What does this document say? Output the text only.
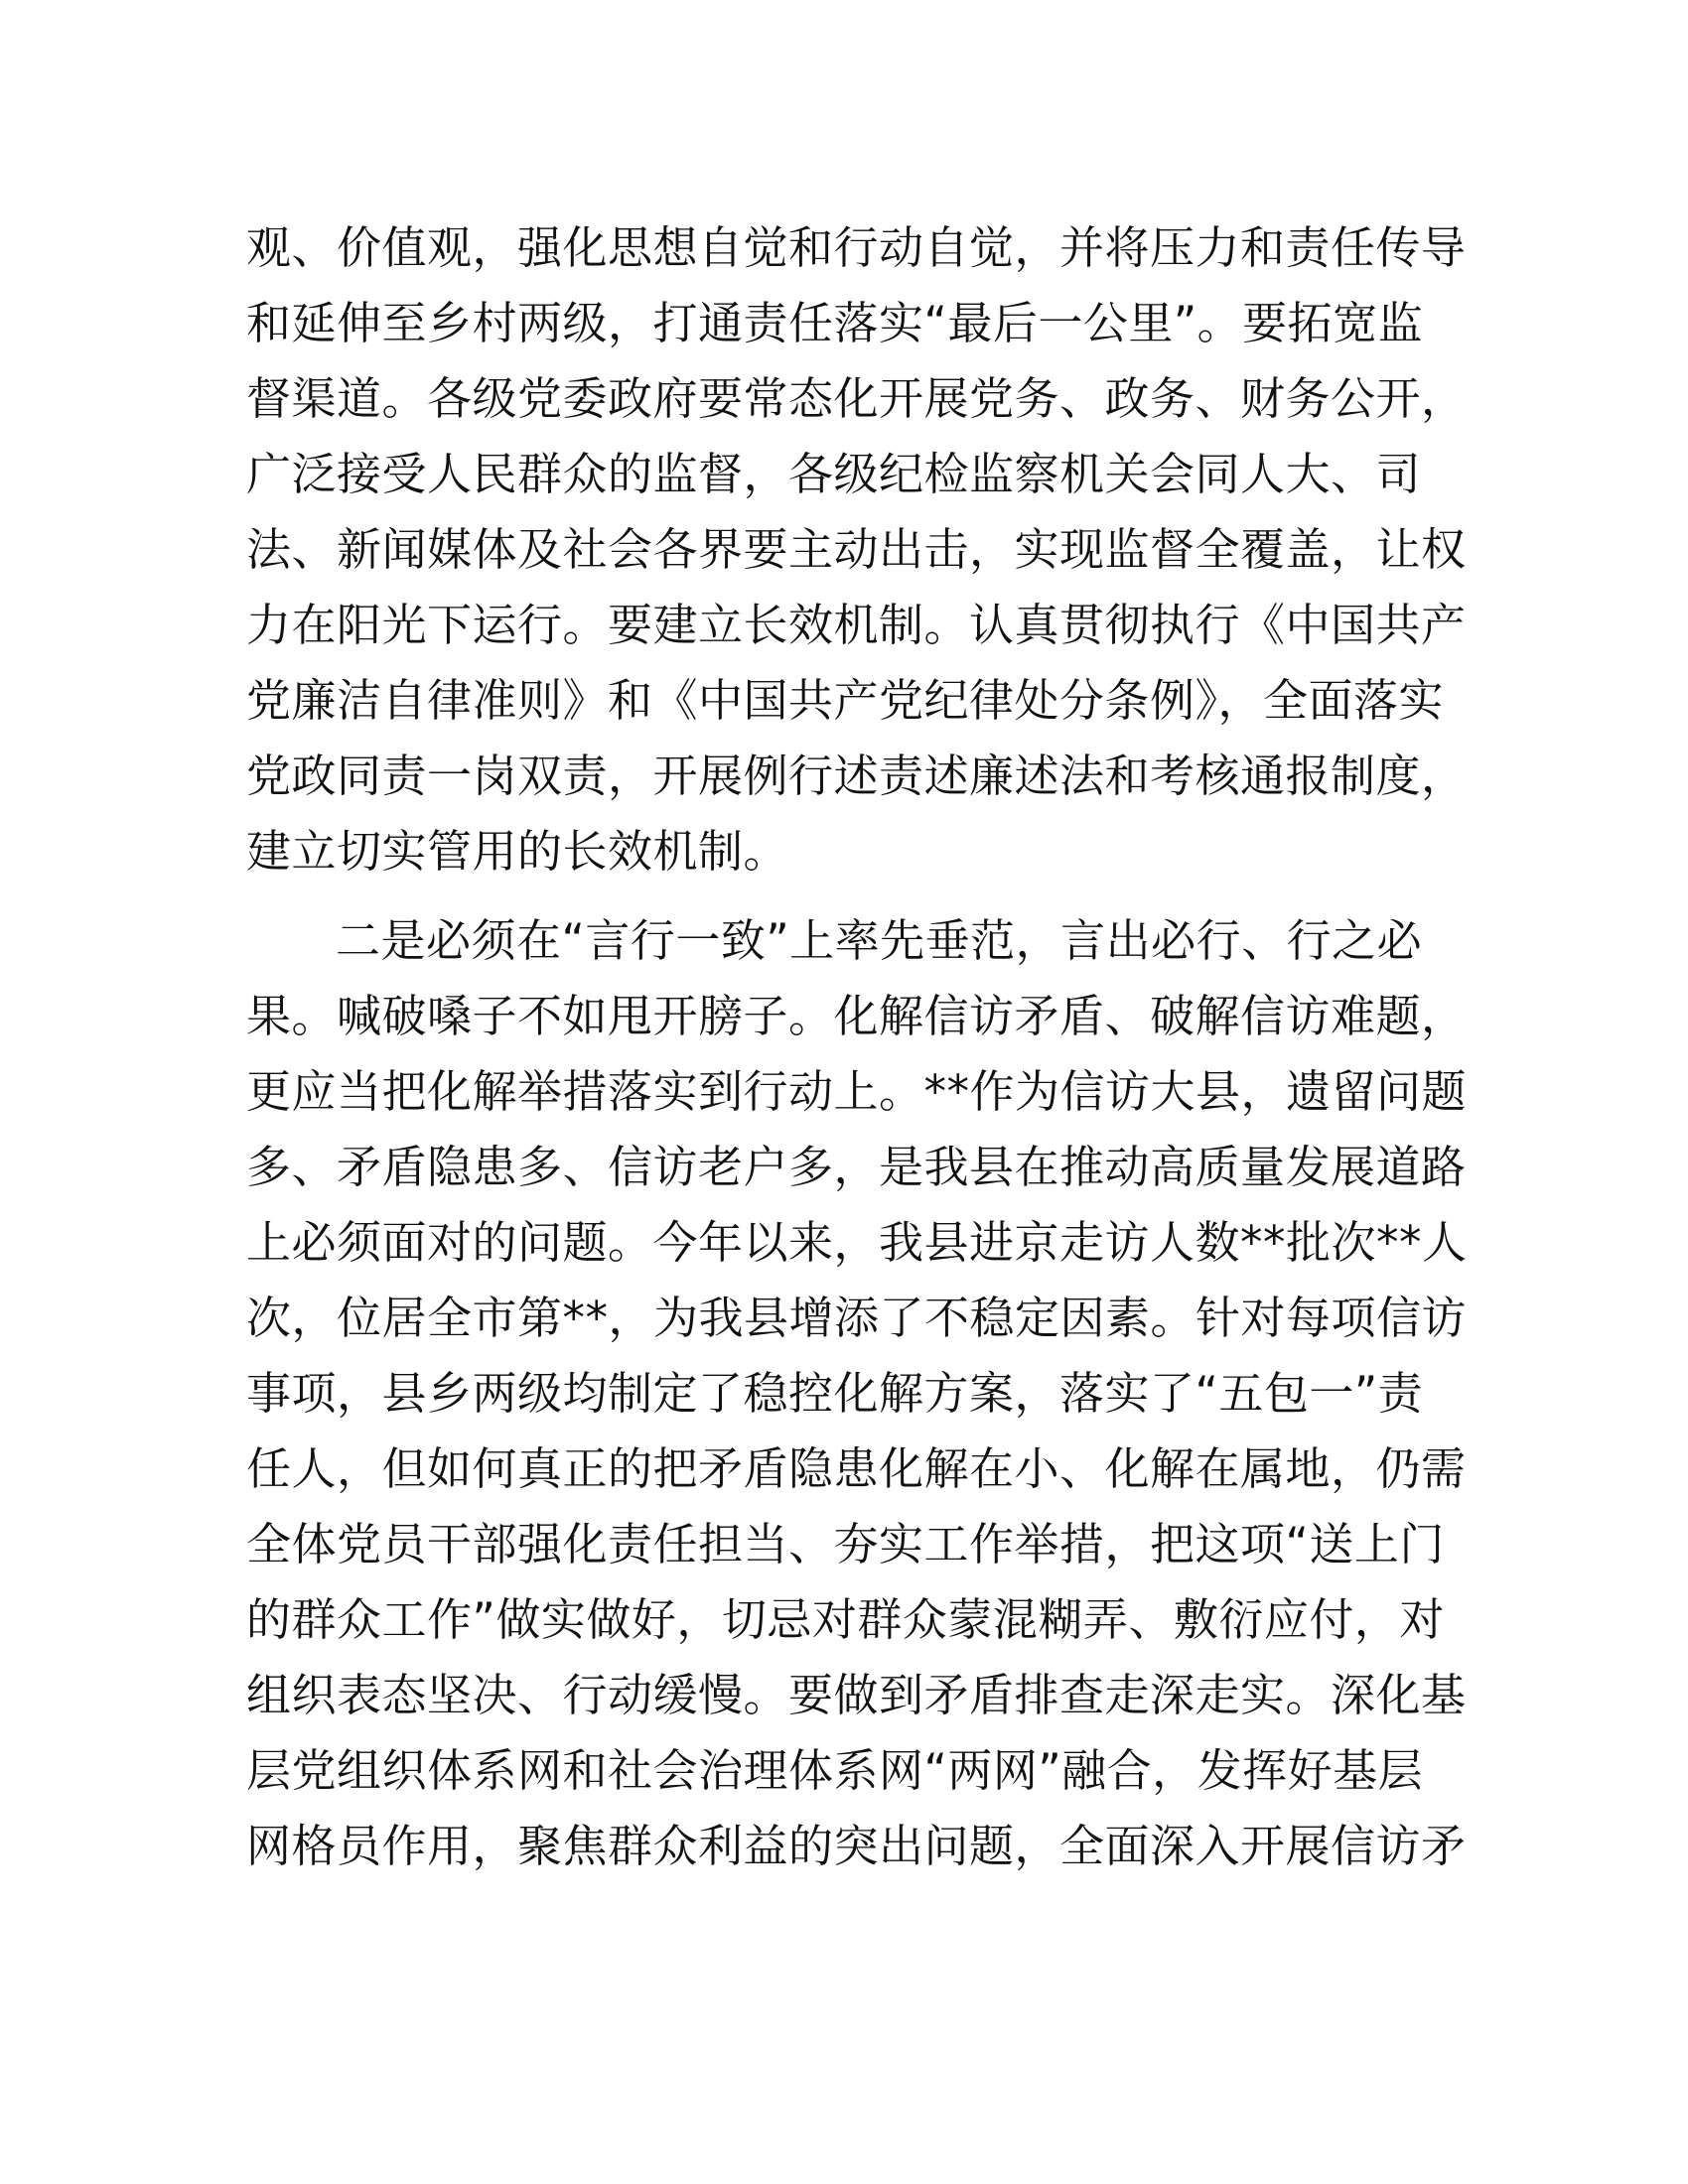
观、价值观，强化思想自觉和行动自觉，并将压力和责任传导
和延伸至乡村两级，打通责任落实“最后一公里”。要拓宽监
督渠道。各级党委政府要常态化开展党务、政务、财务公开，
广泛接受人民群众的监督，各级纪检监察机关会同人大、司
法、新闻媒体及社会各界要主动出击，实现监督全覆盖，让权
力在阳光下运行。要建立长效机制。认真贯彻执行《中国共产
党廉洁自律准则》和《中国共产党纪律处分条例》，全面落实
党政同责一岗双责，开展例行述责述廉述法和考核通报制度，
建立切实管用的长效机制。
二是必须在“言行一致”上率先垂范，言出必行、行之必
果。喊破嗓子不如甩开膀子。化解信访矛盾、破解信访难题，
更应当把化解举措落实到行动上。**作为信访大县，遗留问题
多、矛盾隐患多、信访老户多，是我县在推动高质量发展道路
上必须面对的问题。今年以来，我县进京走访人数**批次**人
次，位居全市第**，为我县增添了不稳定因素。针对每项信访
事项，县乡两级均制定了稳控化解方案，落实了“五包一”责
任人，但如何真正的把矛盾隐患化解在小、化解在属地，仍需
全体党员干部强化责任担当、夯实工作举措，把这项“送上门
的群众工作”做实做好，切忌对群众蒙混糊弄、敷衍应付，对
组织表态坚决、行动缓慢。要做到矛盾排查走深走实。深化基
层党组织体系网和社会治理体系网“两网”融合，发挥好基层
网格员作用，聚焦群众利益的突出问题，全面深入开展信访矛
